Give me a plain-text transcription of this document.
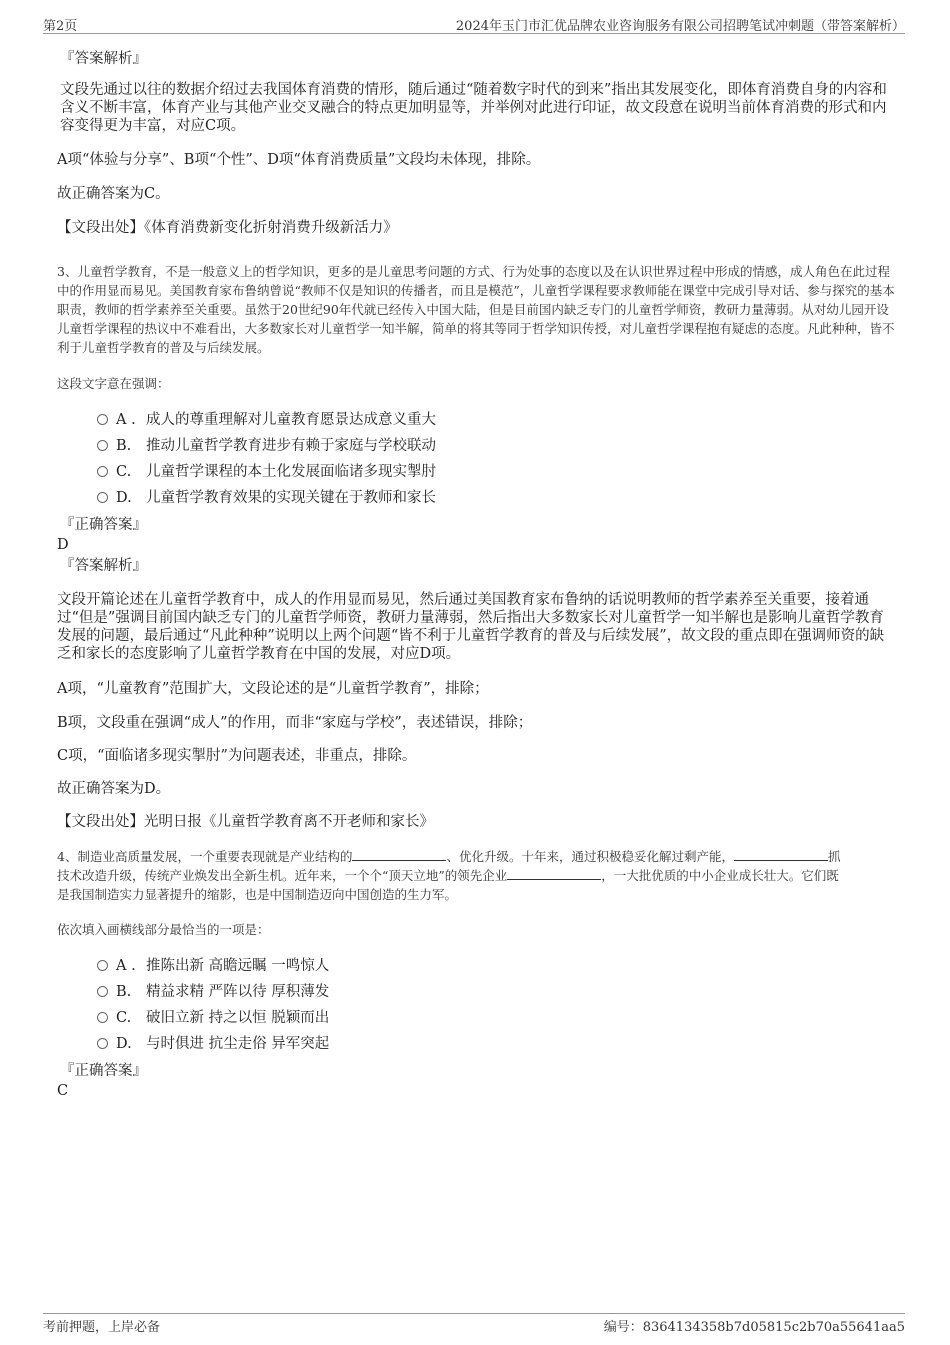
第2页	2024年玉门市汇优品牌农业咨询服务有限公司招聘笔试冲刺题（带答案解析）

『答案解析』

文段先通过以往的数据介绍过去我国体育消费的情形，随后通过“随着数字时代的到来”指出其发展变化，即体育消费自身的内容和含义不断丰富，体育产业与其他产业交叉融合的特点更加明显等，并举例对此进行印证，故文段意在说明当前体育消费的形式和内容变得更为丰富，对应C项。

A项“体验与分享”、B项“个性”、D项“体育消费质量”文段均未体现，排除。

故正确答案为C。

【文段出处】《体育消费新变化折射消费升级新活力》

3、儿童哲学教育，不是一般意义上的哲学知识，更多的是儿童思考问题的方式、行为处事的态度以及在认识世界过程中形成的情感，成人角色在此过程中的作用显而易见。美国教育家布鲁纳曾说“教师不仅是知识的传播者，而且是模范”，儿童哲学课程要求教师能在课堂中完成引导对话、参与探究的基本职责，教师的哲学素养至关重要。虽然于20世纪90年代就已经传入中国大陆，但是目前国内缺乏专门的儿童哲学师资，教研力量薄弱。从对幼儿园开设儿童哲学课程的热议中不难看出，大多数家长对儿童哲学一知半解，简单的将其等同于哲学知识传授，对儿童哲学课程抱有疑虑的态度。凡此种种，皆不利于儿童哲学教育的普及与后续发展。

这段文字意在强调：

A . 成人的尊重理解对儿童教育愿景达成意义重大
B. 推动儿童哲学教育进步有赖于家庭与学校联动
C. 儿童哲学课程的本土化发展面临诸多现实掣肘
D. 儿童哲学教育效果的实现关键在于教师和家长

『正确答案』

D

『答案解析』

文段开篇论述在儿童哲学教育中，成人的作用显而易见，然后通过美国教育家布鲁纳的话说明教师的哲学素养至关重要，接着通过“但是”强调目前国内缺乏专门的儿童哲学师资，教研力量薄弱，然后指出大多数家长对儿童哲学一知半解也是影响儿童哲学教育发展的问题，最后通过“凡此种种”说明以上两个问题“皆不利于儿童哲学教育的普及与后续发展”，故文段的重点即在强调师资的缺乏和家长的态度影响了儿童哲学教育在中国的发展，对应D项。

A项，“儿童教育”范围扩大，文段论述的是“儿童哲学教育”，排除；

B项，文段重在强调“成人”的作用，而非“家庭与学校”，表述错误，排除；

C项，“面临诸多现实掣肘”为问题表述，非重点，排除。

故正确答案为D。

【文段出处】光明日报《儿童哲学教育离不开老师和家长》

4、制造业高质量发展，一个重要表现就是产业结构的	、优化升级。十年来，通过积极稳妥化解过剩产能，	抓
技术改造升级，传统产业焕发出全新生机。近年来，一个个“顶天立地”的领先企业	，一大批优质的中小企业成长壮大。它们既
是我国制造实力显著提升的缩影，也是中国制造迈向中国创造的生力军。

依次填入画横线部分最恰当的一项是：

A . 推陈出新 高瞻远瞩 一鸣惊人
B. 精益求精 严阵以待 厚积薄发
C. 破旧立新 持之以恒 脱颖而出
D. 与时俱进 抗尘走俗 异军突起

『正确答案』

C

考前押题，上岸必备	编号：8364134358b7d05815c2b70a55641aa5
